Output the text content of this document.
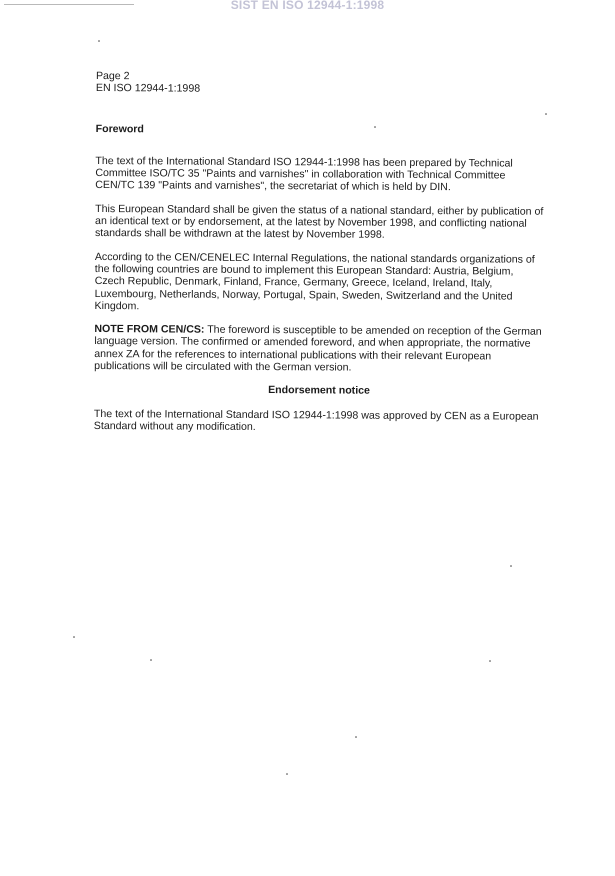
SIST EN ISO 12944-1:1998

Page 2

EN ISO 12944-1:1998

Foreword

The text of the International Standard ISO 12944-1:1998 has been prepared by Technical Committee ISO/TC 35 "Paints and varnishes" in collaboration with Technical Committee CEN/TC 139 "Paints and varnishes", the secretariat of which is held by DIN.

This European Standard shall be given the status of a national standard, either by publication of an identical text or by endorsement, at the latest by November 1998, and conflicting national standards shall be withdrawn at the latest by November 1998.

According to the CEN/CENELEC Internal Regulations, the national standards organizations of the following countries are bound to implement this European Standard: Austria, Belgium, Czech Republic, Denmark, Finland, France, Germany, Greece, Iceland, Ireland, Italy, Luxembourg, Netherlands, Norway, Portugal, Spain, Sweden, Switzerland and the United Kingdom.

NOTE FROM CEN/CS: The foreword is susceptible to be amended on reception of the German language version. The confirmed or amended foreword, and when appropriate, the normative annex ZA for the references to international publications with their relevant European publications will be circulated with the German version.

Endorsement notice

The text of the International Standard ISO 12944-1:1998 was approved by CEN as a European Standard without any modification.
